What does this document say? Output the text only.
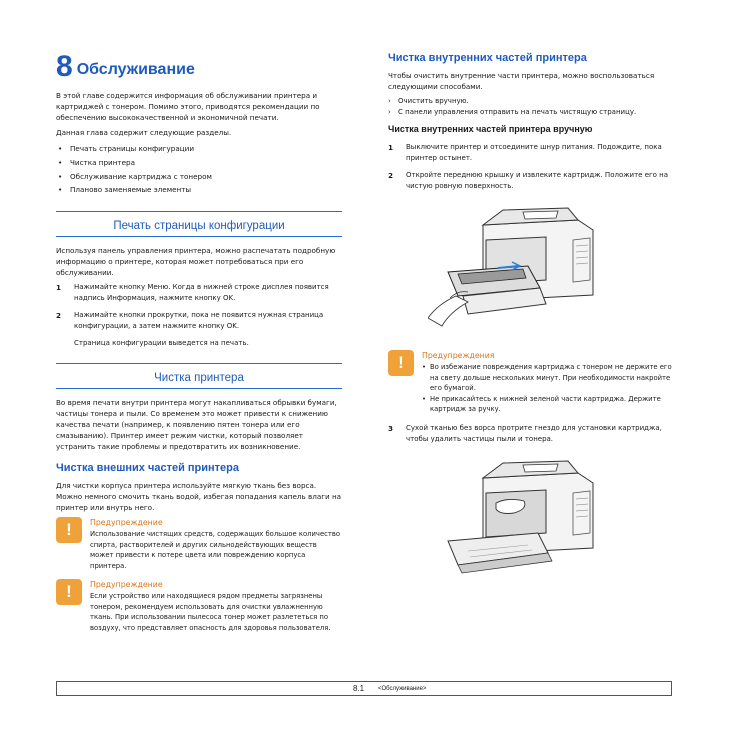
8 Обслуживание

В этой главе содержится информация об обслуживании принтера и картриджей с тонером. Помимо этого, приводятся рекомендации по обеспечению высококачественной и экономичной печати.

Данная глава содержит следующие разделы.

• Печать страницы конфигурации
• Чистка принтера
• Обслуживание картриджа с тонером
• Планово заменяемые элементы
Печать страницы конфигурации

Используя панель управления принтера, можно распечатать подробную информацию о принтере, которая может потребоваться при его обслуживании.

1	Нажимайте кнопку Меню. Когда в нижней строке дисплея появится надпись Информация, нажмите кнопку OK.
2	Нажимайте кнопки прокрутки, пока не появится нужная страница конфигурации, а затем нажмите кнопку OK.

Страница конфигурации выведется на печать.

Чистка принтера

Во время печати внутри принтера могут накапливаться обрывки бумаги, частицы тонера и пыли. Со временем это может привести к снижению качества печати (например, к появлению пятен тонера или его смазыванию). Принтер имеет режим чистки, который позволяет устранить такие проблемы и предотвратить их возникновение.

Чистка внешних частей принтера

Для чистки корпуса принтера используйте мягкую ткань без ворса. Можно немного смочить ткань водой, избегая попадания капель влаги на принтер или внутрь него.

!	Предупреждение
Использование чистящих средств, содержащих большое количество спирта, растворителей и других сильнодействующих веществ может привести к потере цвета или повреждению корпуса принтера.
!	Предупреждение
Если устройство или находящиеся рядом предметы загрязнены тонером, рекомендуем использовать для очистки увлажненную ткань. При использовании пылесоса тонер может разлететься по воздуху, что представляет опасность для здоровья пользователя.
Чистка внутренних частей принтера

Чтобы очистить внутренние части принтера, можно воспользоваться следующими способами.

› Очистить вручную.
› С панели управления отправить на печать чистящую страницу.
Чистка внутренних частей принтера вручную
1	Выключите принтер и отсоедините шнур питания. Подождите, пока принтер остынет.
2	Откройте переднюю крышку и извлеките картридж. Положите его на чистую ровную поверхность.
!	Предупреждения
• Во избежание повреждения картриджа с тонером не держите его на свету дольше нескольких минут. При необходимости накройте его бумагой.
• Не прикасайтесь к нижней зеленой части картриджа. Держите картридж за ручку.
3	Сухой тканью без ворса протрите гнездо для установки картриджа, чтобы удалить частицы пыли и тонера.
8.1 <Обслуживание>
